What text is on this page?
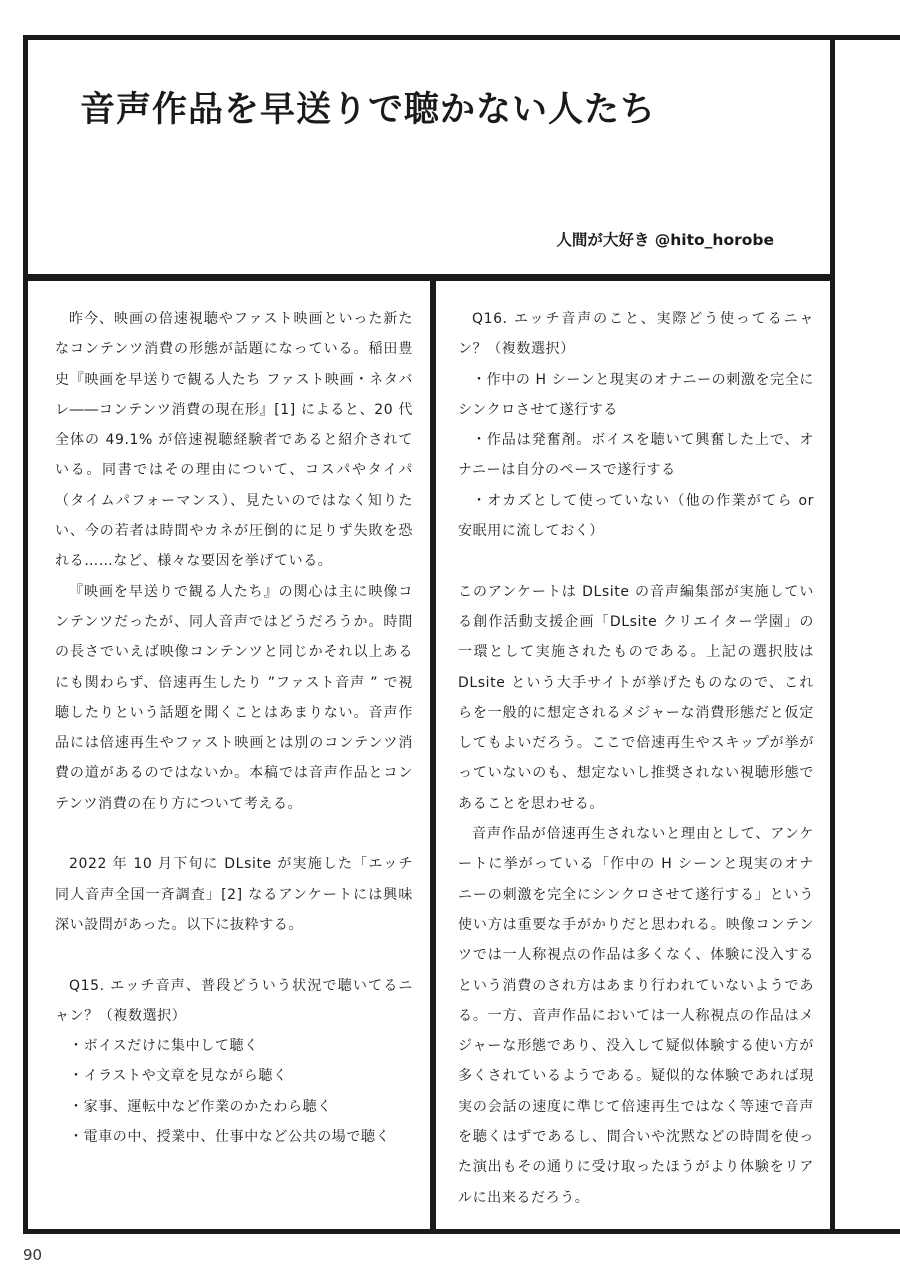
音声作品を早送りで聴かない人たち
人間が大好き @hito_horobe

昨今、映画の倍速視聴やファスト映画といった新たなコンテンツ消費の形態が話題になっている。稲田豊史『映画を早送りで観る人たち ファスト映画・ネタバレ――コンテンツ消費の現在形』[1] によると、20 代全体の 49.1% が倍速視聴経験者であると紹介されている。同書ではその理由について、コスパやタイパ（タイムパフォーマンス）、見たいのではなく知りたい、今の若者は時間やカネが圧倒的に足りず失敗を恐れる……など、様々な要因を挙げている。

『映画を早送りで観る人たち』の関心は主に映像コンテンツだったが、同人音声ではどうだろうか。時間の長さでいえば映像コンテンツと同じかそれ以上あるにも関わらず、倍速再生したり ”ファスト音声 ” で視聴したりという話題を聞くことはあまりない。音声作品には倍速再生やファスト映画とは別のコンテンツ消費の道があるのではないか。本稿では音声作品とコンテンツ消費の在り方について考える。

2022 年 10 月下旬に DLsite が実施した「エッチ同人音声全国一斉調査」[2] なるアンケートには興味深い設問があった。以下に抜粋する。

Q15. エッチ音声、普段どういう状況で聴いてるニャン？（複数選択）

・ボイスだけに集中して聴く

・イラストや文章を見ながら聴く

・家事、運転中など作業のかたわら聴く

・電車の中、授業中、仕事中など公共の場で聴く

Q16. エッチ音声のこと、実際どう使ってるニャン？（複数選択）

・作中の H シーンと現実のオナニーの刺激を完全にシンクロさせて遂行する

・作品は発奮剤。ボイスを聴いて興奮した上で、オナニーは自分のペースで遂行する

・オカズとして使っていない（他の作業がてら or 安眠用に流しておく）

このアンケートは DLsite の音声編集部が実施している創作活動支援企画「DLsite クリエイター学園」の一環として実施されたものである。上記の選択肢は DLsite という大手サイトが挙げたものなので、これらを一般的に想定されるメジャーな消費形態だと仮定してもよいだろう。ここで倍速再生やスキップが挙がっていないのも、想定ないし推奨されない視聴形態であることを思わせる。

音声作品が倍速再生されないと理由として、アンケートに挙がっている「作中の H シーンと現実のオナニーの刺激を完全にシンクロさせて遂行する」という使い方は重要な手がかりだと思われる。映像コンテンツでは一人称視点の作品は多くなく、体験に没入するという消費のされ方はあまり行われていないようである。一方、音声作品においては一人称視点の作品はメジャーな形態であり、没入して疑似体験する使い方が多くされているようである。疑似的な体験であれば現実の会話の速度に準じて倍速再生ではなく等速で音声を聴くはずであるし、間合いや沈黙などの時間を使った演出もその通りに受け取ったほうがより体験をリアルに出来るだろう。

90
